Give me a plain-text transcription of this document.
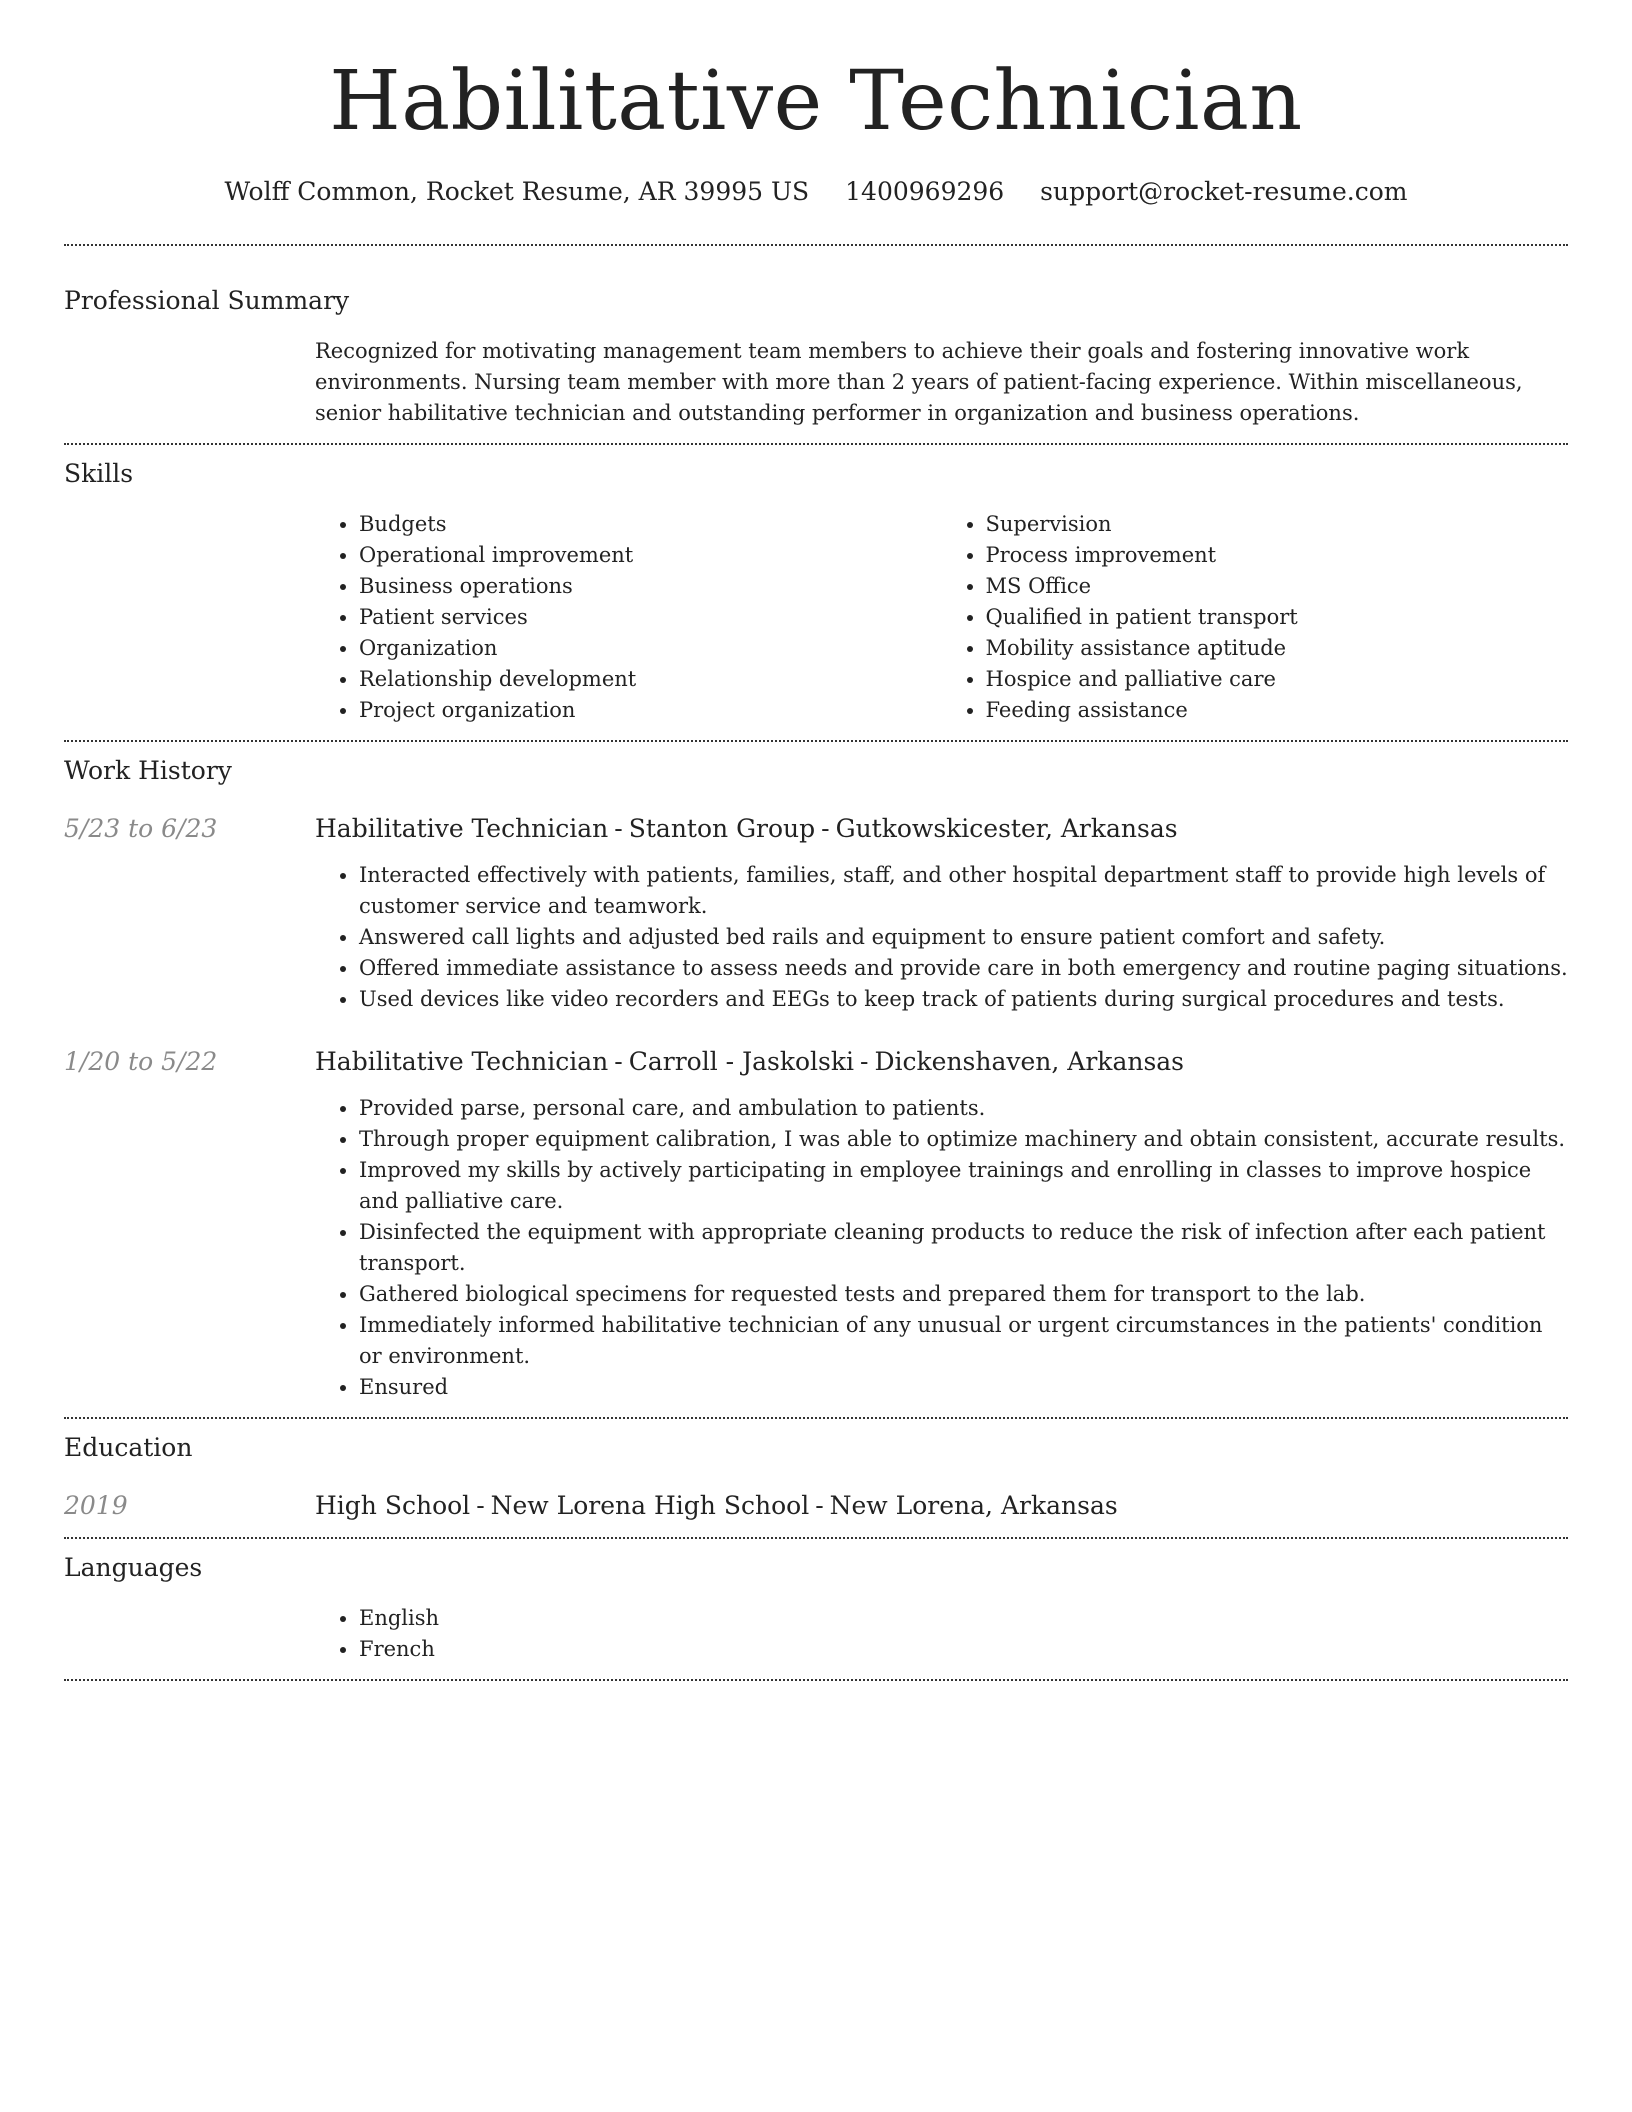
Habilitative Technician
Wolff Common, Rocket Resume, AR 39995 US 1400969296 support@rocket-resume.com
Professional Summary

Recognized for motivating management team members to achieve their goals and fostering innovative work environments. Nursing team member with more than 2 years of patient-facing experience. Within miscellaneous, senior habilitative technician and outstanding performer in organization and business operations.

Skills
• Budgets
• Operational improvement
• Business operations
• Patient services
• Organization
• Relationship development
• Project organization
• Supervision
• Process improvement
• MS Office
• Qualified in patient transport
• Mobility assistance aptitude
• Hospice and palliative care
• Feeding assistance
Work History
5/23 to 6/23	Habilitative Technician - Stanton Group - Gutkowskicester, Arkansas
• Interacted effectively with patients, families, staff, and other hospital department staff to provide high levels of customer service and teamwork.
• Answered call lights and adjusted bed rails and equipment to ensure patient comfort and safety.
• Offered immediate assistance to assess needs and provide care in both emergency and routine paging situations.
• Used devices like video recorders and EEGs to keep track of patients during surgical procedures and tests.
1/20 to 5/22	Habilitative Technician - Carroll - Jaskolski - Dickenshaven, Arkansas
• Provided parse, personal care, and ambulation to patients.
• Through proper equipment calibration, I was able to optimize machinery and obtain consistent, accurate results.
• Improved my skills by actively participating in employee trainings and enrolling in classes to improve hospice and palliative care.
• Disinfected the equipment with appropriate cleaning products to reduce the risk of infection after each patient transport.
• Gathered biological specimens for requested tests and prepared them for transport to the lab.
• Immediately informed habilitative technician of any unusual or urgent circumstances in the patients' condition or environment.
• Ensured
Education
2019	High School - New Lorena High School - New Lorena, Arkansas
Languages
• English
• French
